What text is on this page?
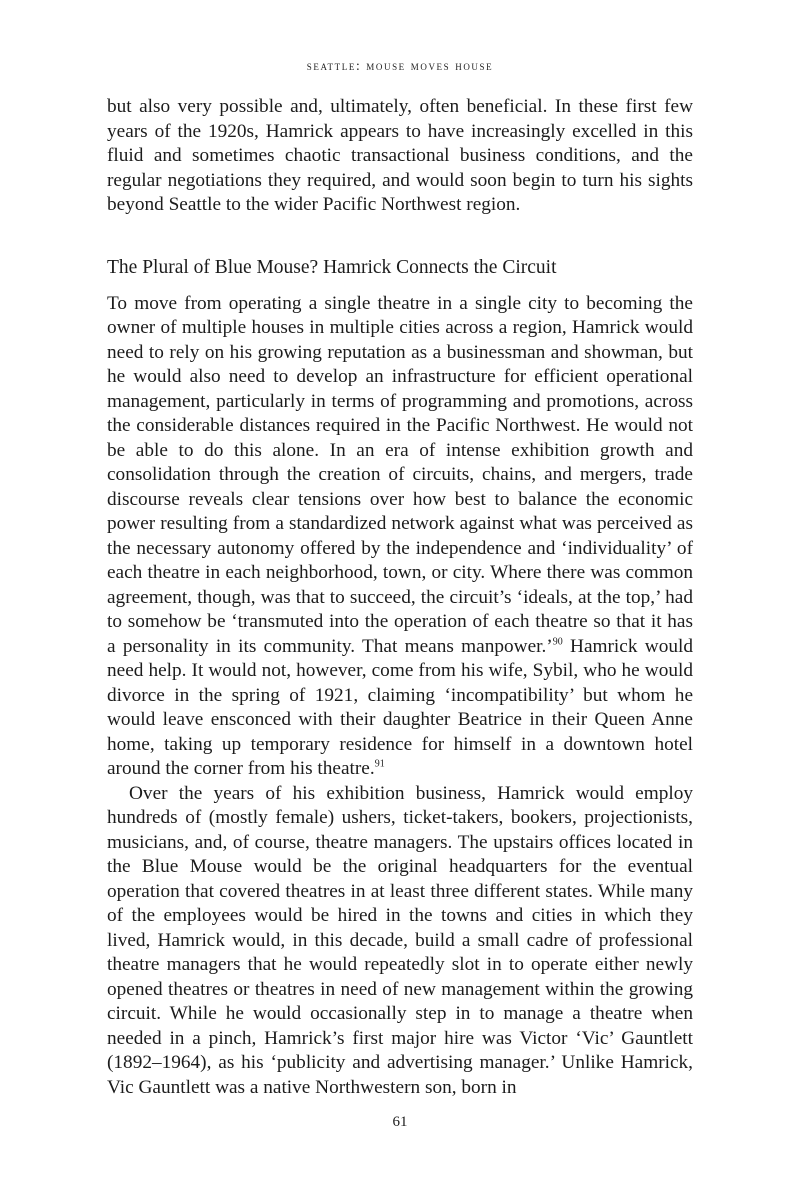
seattle: mouse moves house

but also very possible and, ultimately, often beneficial. In these first few years of the 1920s, Hamrick appears to have increasingly excelled in this fluid and sometimes chaotic transactional business conditions, and the regular negotiations they required, and would soon begin to turn his sights beyond Seattle to the wider Pacific Northwest region.

The Plural of Blue Mouse? Hamrick Connects the Circuit

To move from operating a single theatre in a single city to becoming the owner of multiple houses in multiple cities across a region, Hamrick would need to rely on his growing reputation as a businessman and showman, but he would also need to develop an infrastructure for efficient operational management, particularly in terms of programming and promotions, across the considerable distances required in the Pacific Northwest. He would not be able to do this alone. In an era of intense exhibition growth and consolidation through the creation of circuits, chains, and mergers, trade discourse reveals clear tensions over how best to balance the economic power resulting from a standardized network against what was perceived as the necessary autonomy offered by the independence and ‘individuality’ of each theatre in each neighborhood, town, or city. Where there was common agreement, though, was that to succeed, the circuit’s ‘ideals, at the top,’ had to somehow be ‘transmuted into the operation of each theatre so that it has a personality in its community. That means manpower.’$^{90}$ Hamrick would need help. It would not, however, come from his wife, Sybil, who he would divorce in the spring of 1921, claiming ‘incompatibility’ but whom he would leave ensconced with their daughter Beatrice in their Queen Anne home, taking up temporary residence for himself in a downtown hotel around the corner from his theatre.$^{91}$

Over the years of his exhibition business, Hamrick would employ hundreds of (mostly female) ushers, ticket-takers, bookers, projectionists, musicians, and, of course, theatre managers. The upstairs offices located in the Blue Mouse would be the original headquarters for the eventual operation that covered theatres in at least three different states. While many of the employees would be hired in the towns and cities in which they lived, Hamrick would, in this decade, build a small cadre of professional theatre managers that he would repeatedly slot in to operate either newly opened theatres or theatres in need of new management within the growing circuit. While he would occasionally step in to manage a theatre when needed in a pinch, Hamrick’s first major hire was Victor ‘Vic’ Gauntlett (1892–1964), as his ‘publicity and advertising manager.’ Unlike Hamrick, Vic Gauntlett was a native Northwestern son, born in

61
